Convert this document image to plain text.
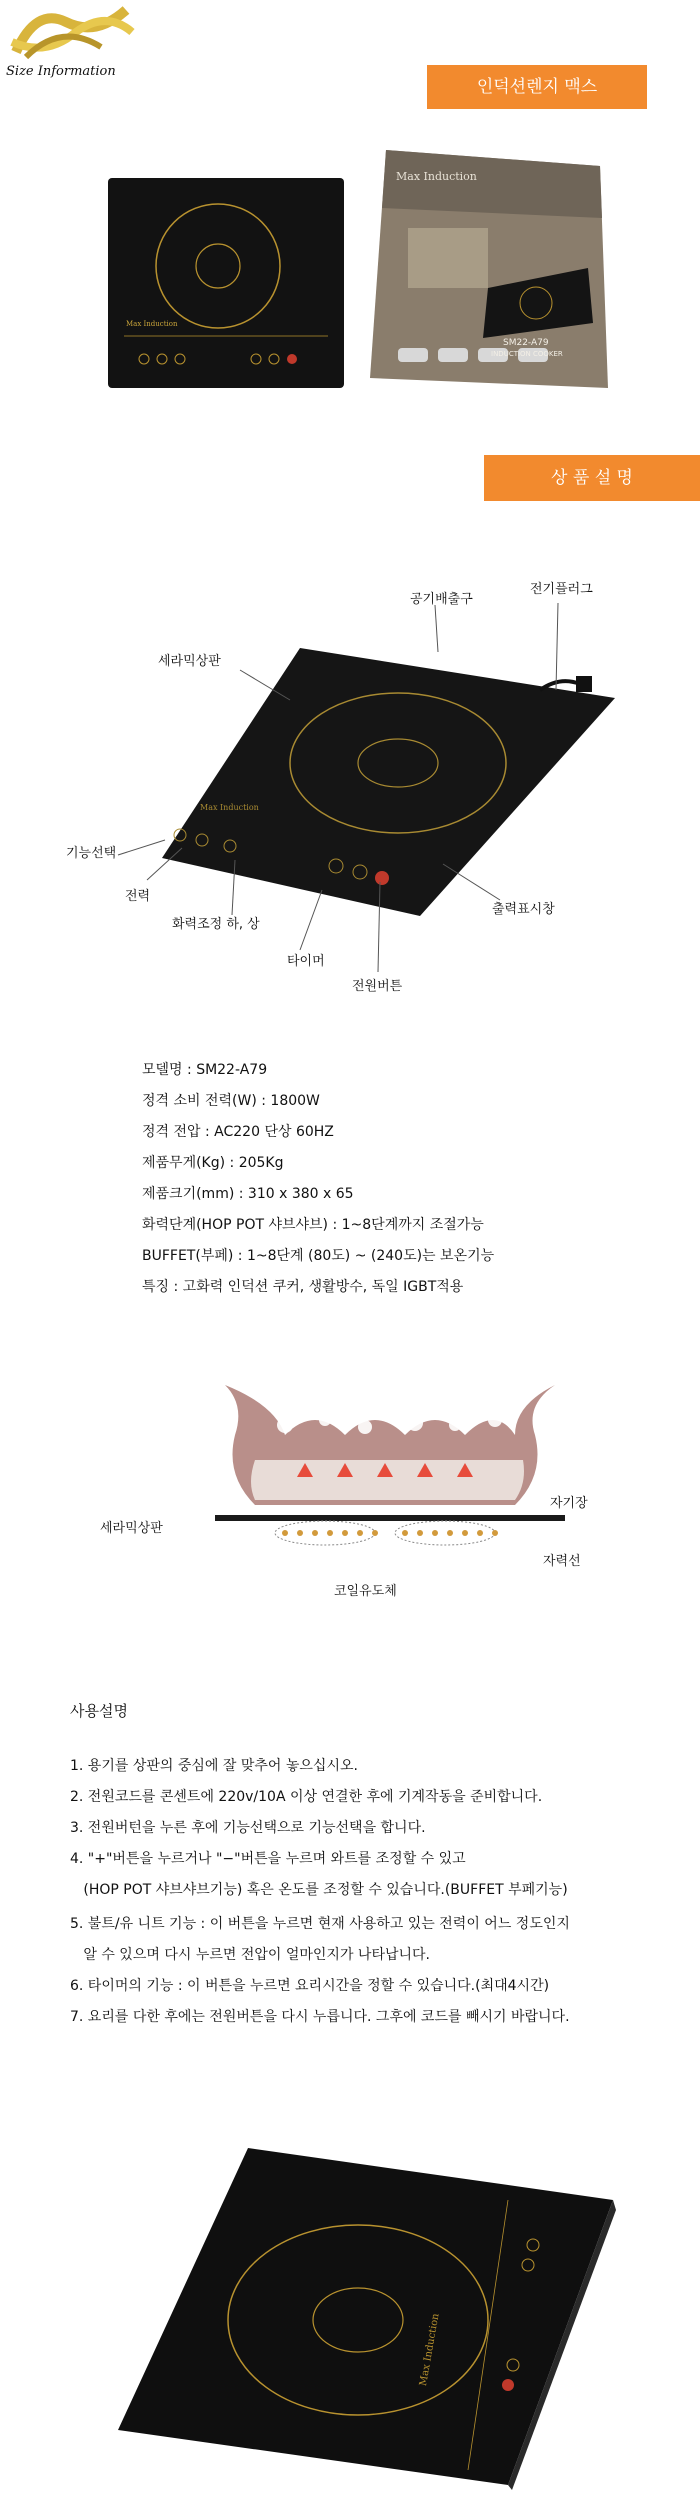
Size Information
인덕션렌지 맥스
Max Induction
Max Induction
SM22-A79
INDUCTION COOKER
상 품 설 명
Max Induction
공기배출구
전기플러그
세라믹상판
기능선택
전력
화력조정 하, 상
타이머
전원버튼
출력표시창
모델명 : SM22-A79
정격 소비 전력(W) : 1800W
정격 전압 : AC220 단상 60HZ
제품무게(Kg) : 205Kg
제품크기(mm) : 310 x 380 x 65
화력단계(HOP POT 샤브샤브) : 1~8단계까지 조절가능
BUFFET(부페) : 1~8단계 (80도) ~ (240도)는 보온기능
특징 : 고화력 인덕션 쿠커, 생활방수, 독일 IGBT적용
세라믹상판
자기장
자력선
코일유도체
사용설명
1. 용기를 상판의 중심에 잘 맞추어 놓으십시오.
2. 전원코드를 콘센트에 220v/10A 이상 연결한 후에 기계작동을 준비합니다.
3. 전원버턴을 누른 후에 기능선택으로 기능선택을 합니다.
4. "+"버튼을 누르거나 "−"버튼을 누르며 와트를 조정할 수 있고
(HOP POT 샤브샤브기능) 혹은 온도를 조정할 수 있습니다.(BUFFET 부페기능)
5. 불트/유 니트 기능 : 이 버튼을 누르면 현재 사용하고 있는 전력이 어느 정도인지
알 수 있으며 다시 누르면 전압이 얼마인지가 나타납니다.
6. 타이머의 기능 : 이 버튼을 누르면 요리시간을 정할 수 있습니다.(최대4시간)
7. 요리를 다한 후에는 전원버튼을 다시 누릅니다. 그후에 코드를 빼시기 바랍니다.
Max Induction
